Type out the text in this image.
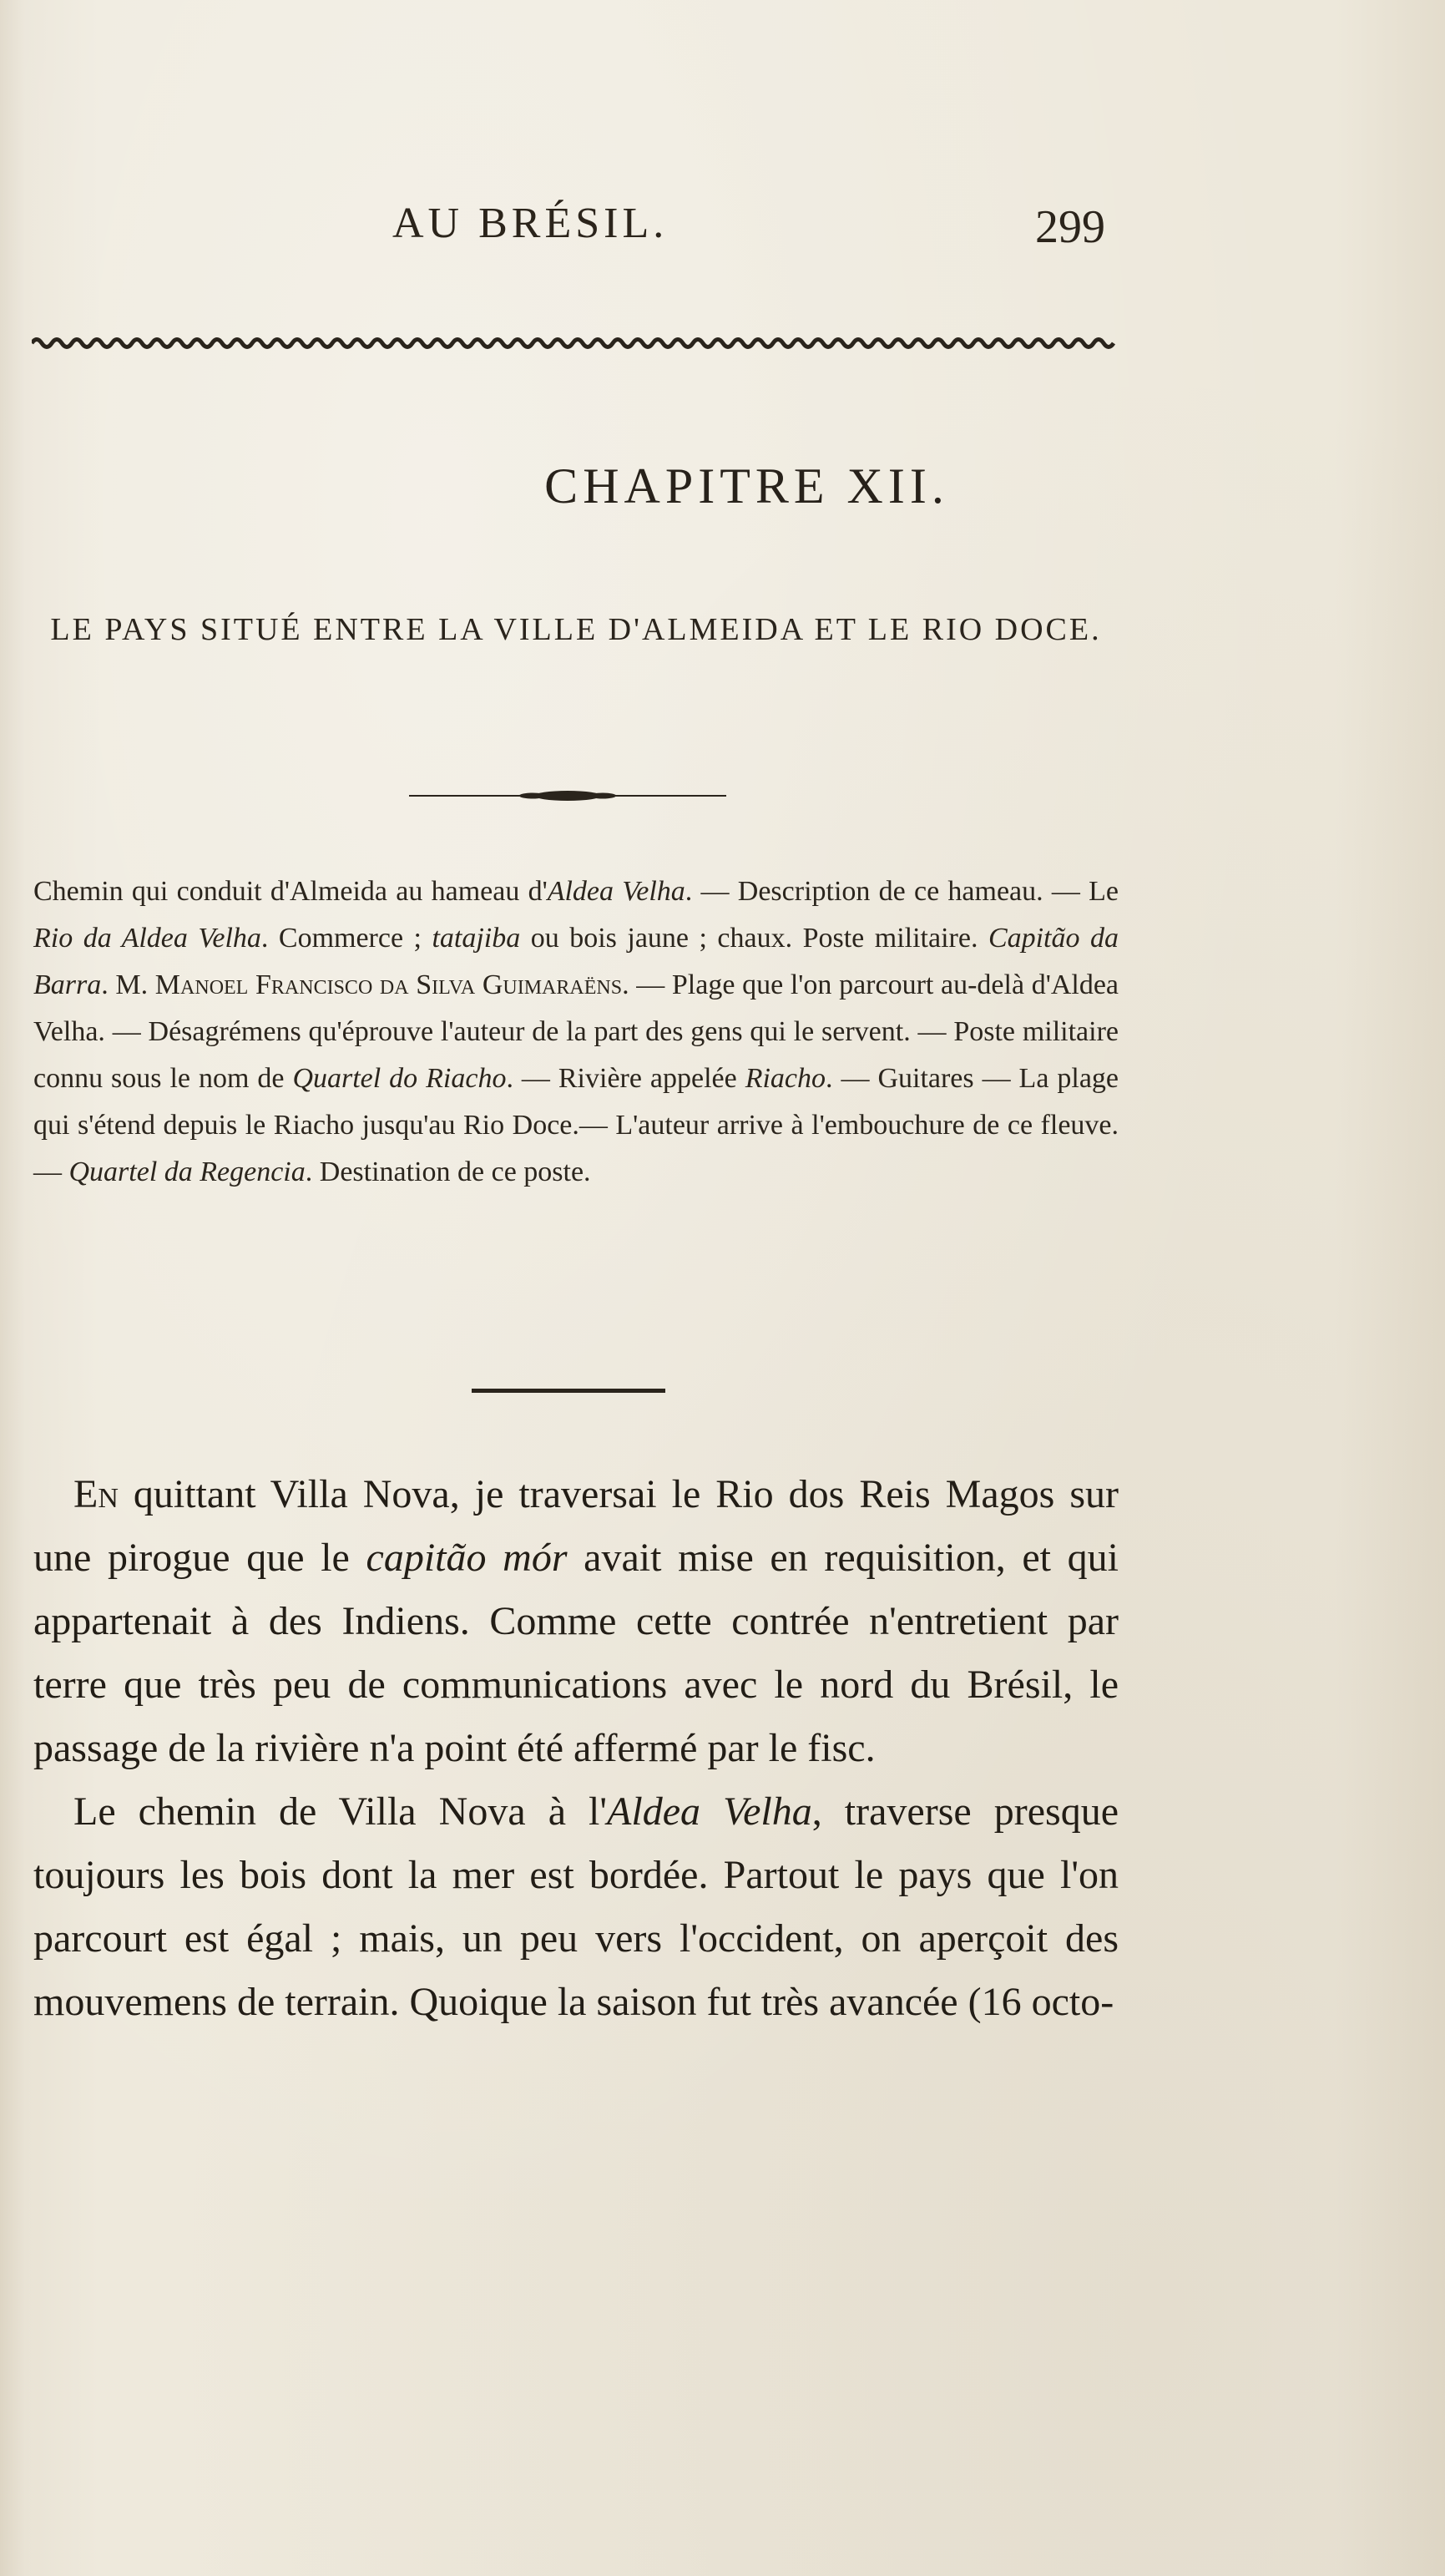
AU BRÉSIL.	299
CHAPITRE XII.
LE PAYS SITUÉ ENTRE LA VILLE D'ALMEIDA ET LE RIO DOCE.
Chemin qui conduit d'Almeida au hameau d'Aldea Velha. — Description de ce hameau. — Le Rio da Aldea Velha. Commerce ; tatajiba ou bois jaune ; chaux. Poste militaire. Capitão da Barra. M. Manoel Francisco da Silva Guimaraëns. — Plage que l'on parcourt au-delà d'Aldea Velha. — Désagrémens qu'éprouve l'auteur de la part des gens qui le servent. — Poste militaire connu sous le nom de Quartel do Riacho. — Rivière appelée Riacho. — Guitares — La plage qui s'étend depuis le Riacho jusqu'au Rio Doce.— L'auteur arrive à l'embouchure de ce fleuve. — Quartel da Regencia. Destination de ce poste.

En quittant Villa Nova, je traversai le Rio dos Reis Magos sur une pirogue que le capitão mór avait mise en requisition, et qui appartenait à des Indiens. Comme cette contrée n'entretient par terre que très peu de communications avec le nord du Brésil, le passage de la rivière n'a point été affermé par le fisc.

Le chemin de Villa Nova à l'Aldea Velha, traverse presque toujours les bois dont la mer est bordée. Partout le pays que l'on parcourt est égal ; mais, un peu vers l'occident, on aperçoit des mouvemens de terrain. Quoique la saison fut très avancée (16 octo-
